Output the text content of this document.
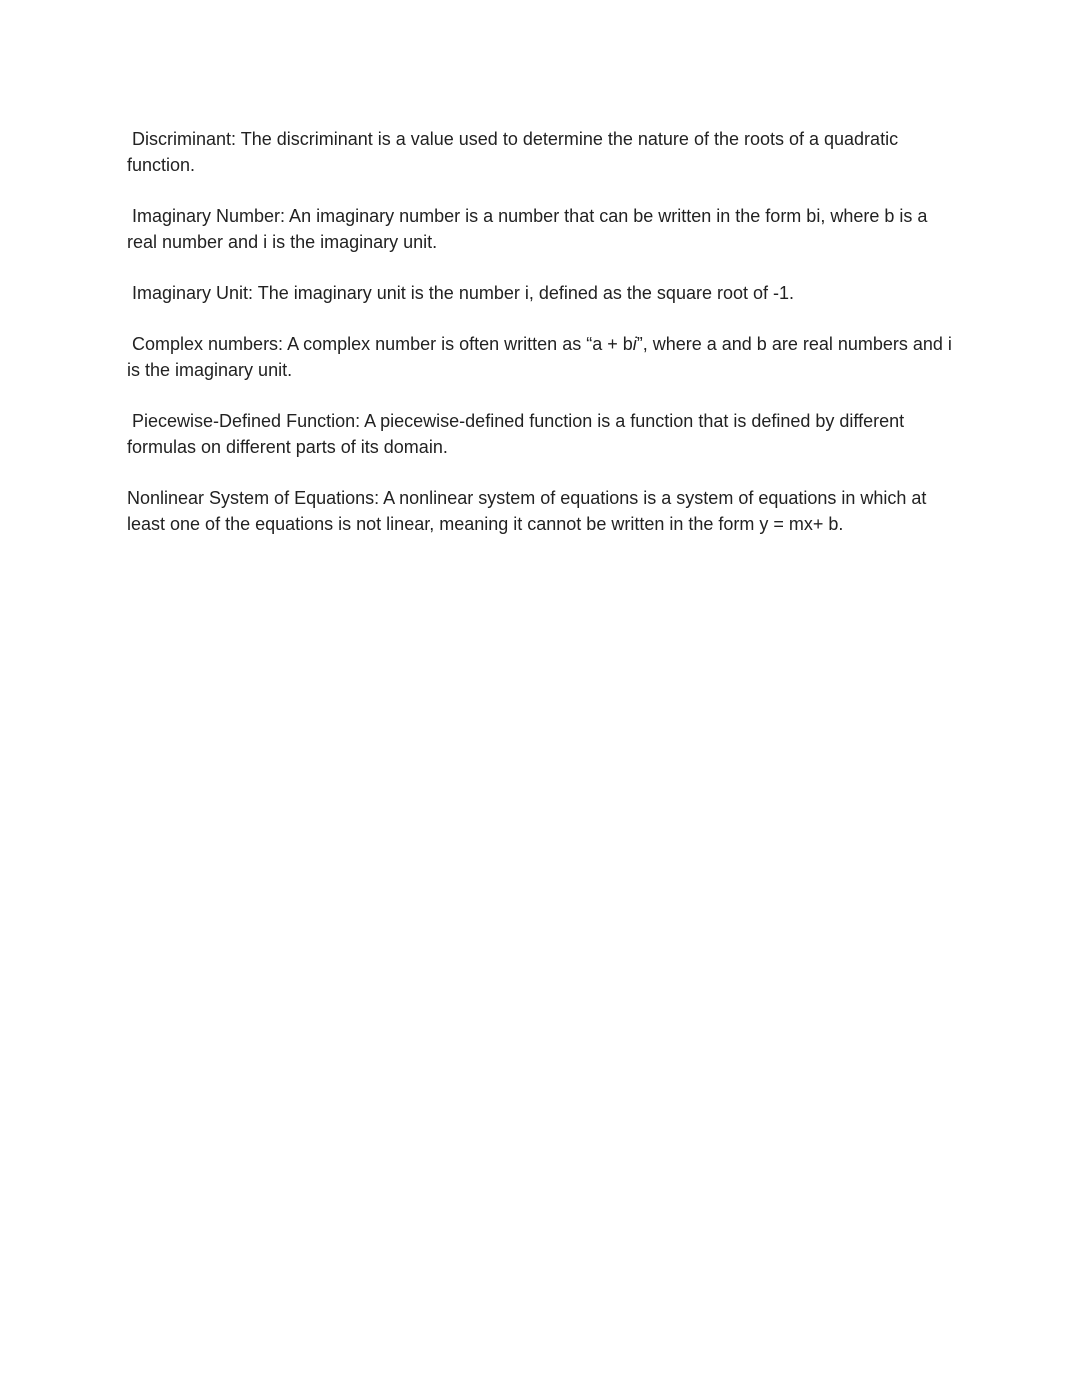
Discriminant: The discriminant is a value used to determine the nature of the roots of a quadratic function.

Imaginary Number: An imaginary number is a number that can be written in the form bi, where b is a real number and i is the imaginary unit.

Imaginary Unit: The imaginary unit is the number i, defined as the square root of -1.

Complex numbers: A complex number is often written as “a + bi”, where a and b are real numbers and i is the imaginary unit.

Piecewise-Defined Function: A piecewise-defined function is a function that is defined by different formulas on different parts of its domain.

Nonlinear System of Equations: A nonlinear system of equations is a system of equations in which at least one of the equations is not linear, meaning it cannot be written in the form y = mx+ b.
